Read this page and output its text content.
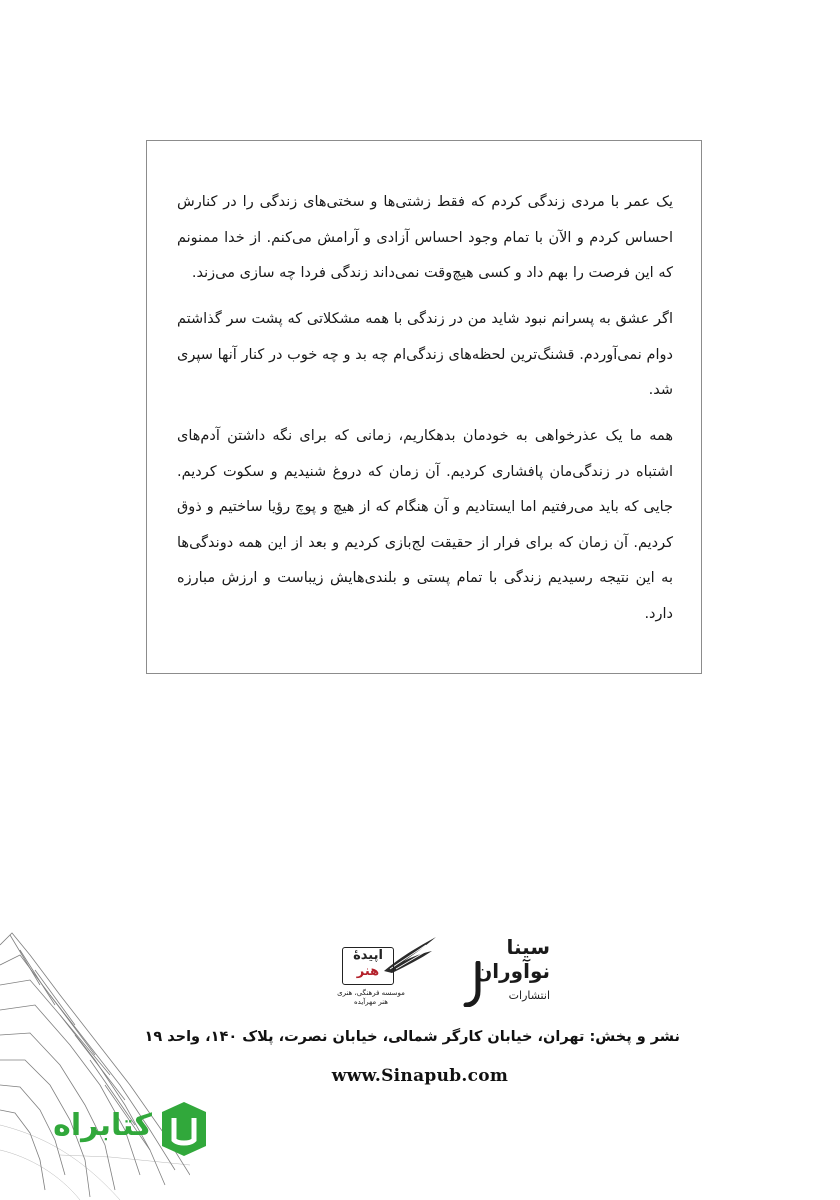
یک عمر با مردی زندگی کردم که فقط زشتی‌ها و سختی‌های زندگی را در کنارش احساس کردم و الآن با تمام وجود احساس آزادی و آرامش می‌کنم. از خدا ممنونم که این فرصت را بهم داد و کسی هیچ‌وقت نمی‌داند زندگی فردا چه سازی می‌زند.

اگر عشق به پسرانم نبود شاید من در زندگی با همه مشکلاتی که پشت سر گذاشتم دوام نمی‌آوردم. قشنگ‌ترین لحظه‌های زندگی‌ام چه بد و چه خوب در کنار آنها سپری شد.

همه ما یک عذرخواهی به خودمان بدهکاریم، زمانی که برای نگه داشتن آدم‌های اشتباه در زندگی‌مان پافشاری کردیم. آن زمان که دروغ شنیدیم و سکوت کردیم. جایی که باید می‌رفتیم اما ایستادیم و آن هنگام که از هیچ و پوچ رؤیا ساختیم و ذوق کردیم. آن زمان که برای فرار از حقیقت لج‌بازی کردیم و بعد از این همه دوندگی‌ها به این نتیجه رسیدیم زندگی با تمام پستی و بلندی‌هایش زیباست و ارزش مبارزه دارد.

اپیدهٔ
هنر
موسسه فرهنگی، هنری
هنر مهرآیده
سینا
نوآوران
انتشارات
نشر و پخش: تهران، خیابان کارگر شمالی، خیابان نصرت، پلاک ۱۴۰، واحد ۱۹
www.Sinapub.com
کتابراه
